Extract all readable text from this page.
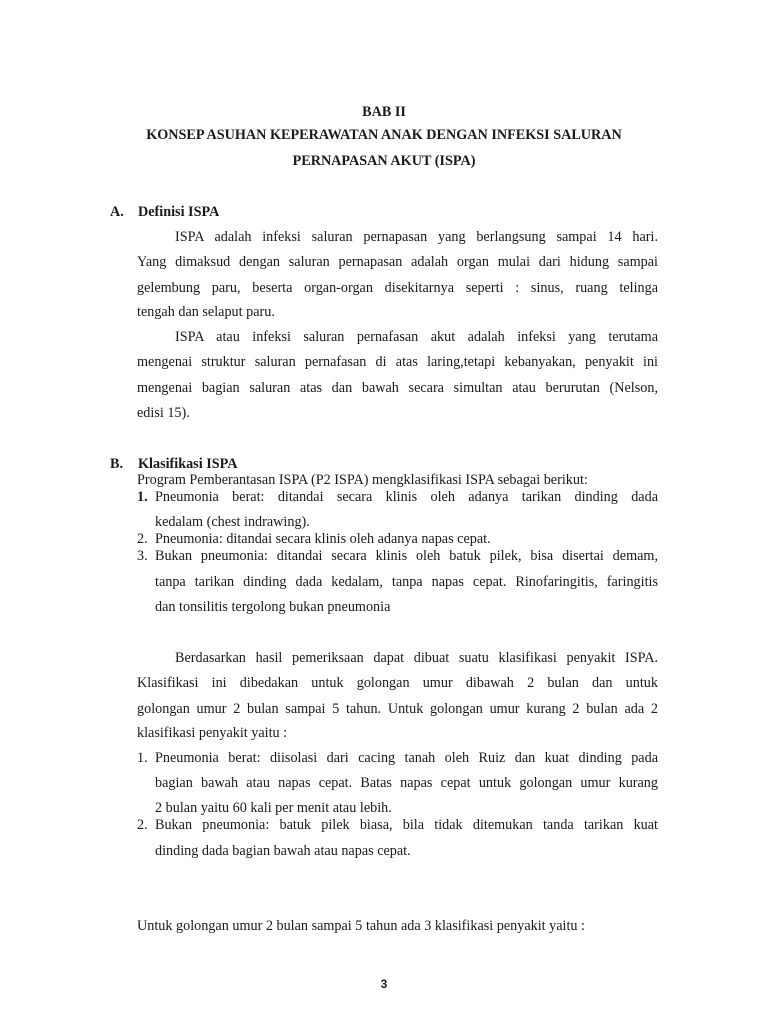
BAB II
KONSEP ASUHAN KEPERAWATAN ANAK DENGAN INFEKSI SALURAN
PERNAPASAN AKUT (ISPA)
A. Definisi ISPA
ISPA adalah infeksi saluran pernapasan yang berlangsung sampai 14 hari.
Yang dimaksud dengan saluran pernapasan adalah organ mulai dari hidung sampai
gelembung paru, beserta organ-organ disekitarnya seperti : sinus, ruang telinga
tengah dan selaput paru.
ISPA atau infeksi saluran pernafasan akut adalah infeksi yang terutama
mengenai struktur saluran pernafasan di atas laring,tetapi kebanyakan, penyakit ini
mengenai bagian saluran atas dan bawah secara simultan atau berurutan (Nelson,
edisi 15).
B. Klasifikasi ISPA
Program Pemberantasan ISPA (P2 ISPA) mengklasifikasi ISPA sebagai berikut:
1. Pneumonia berat: ditandai secara klinis oleh adanya tarikan dinding dada
kedalam (chest indrawing).
2. Pneumonia: ditandai secara klinis oleh adanya napas cepat.
3. Bukan pneumonia: ditandai secara klinis oleh batuk pilek, bisa disertai demam,
tanpa tarikan dinding dada kedalam, tanpa napas cepat. Rinofaringitis, faringitis
dan tonsilitis tergolong bukan pneumonia
Berdasarkan hasil pemeriksaan dapat dibuat suatu klasifikasi penyakit ISPA.
Klasifikasi ini dibedakan untuk golongan umur dibawah 2 bulan dan untuk
golongan umur 2 bulan sampai 5 tahun. Untuk golongan umur kurang 2 bulan ada 2
klasifikasi penyakit yaitu :
1. Pneumonia berat: diisolasi dari cacing tanah oleh Ruiz dan kuat dinding pada
bagian bawah atau napas cepat. Batas napas cepat untuk golongan umur kurang
2 bulan yaitu 60 kali per menit atau lebih.
2. Bukan pneumonia: batuk pilek biasa, bila tidak ditemukan tanda tarikan kuat
dinding dada bagian bawah atau napas cepat.
Untuk golongan umur 2 bulan sampai 5 tahun ada 3 klasifikasi penyakit yaitu :
3
